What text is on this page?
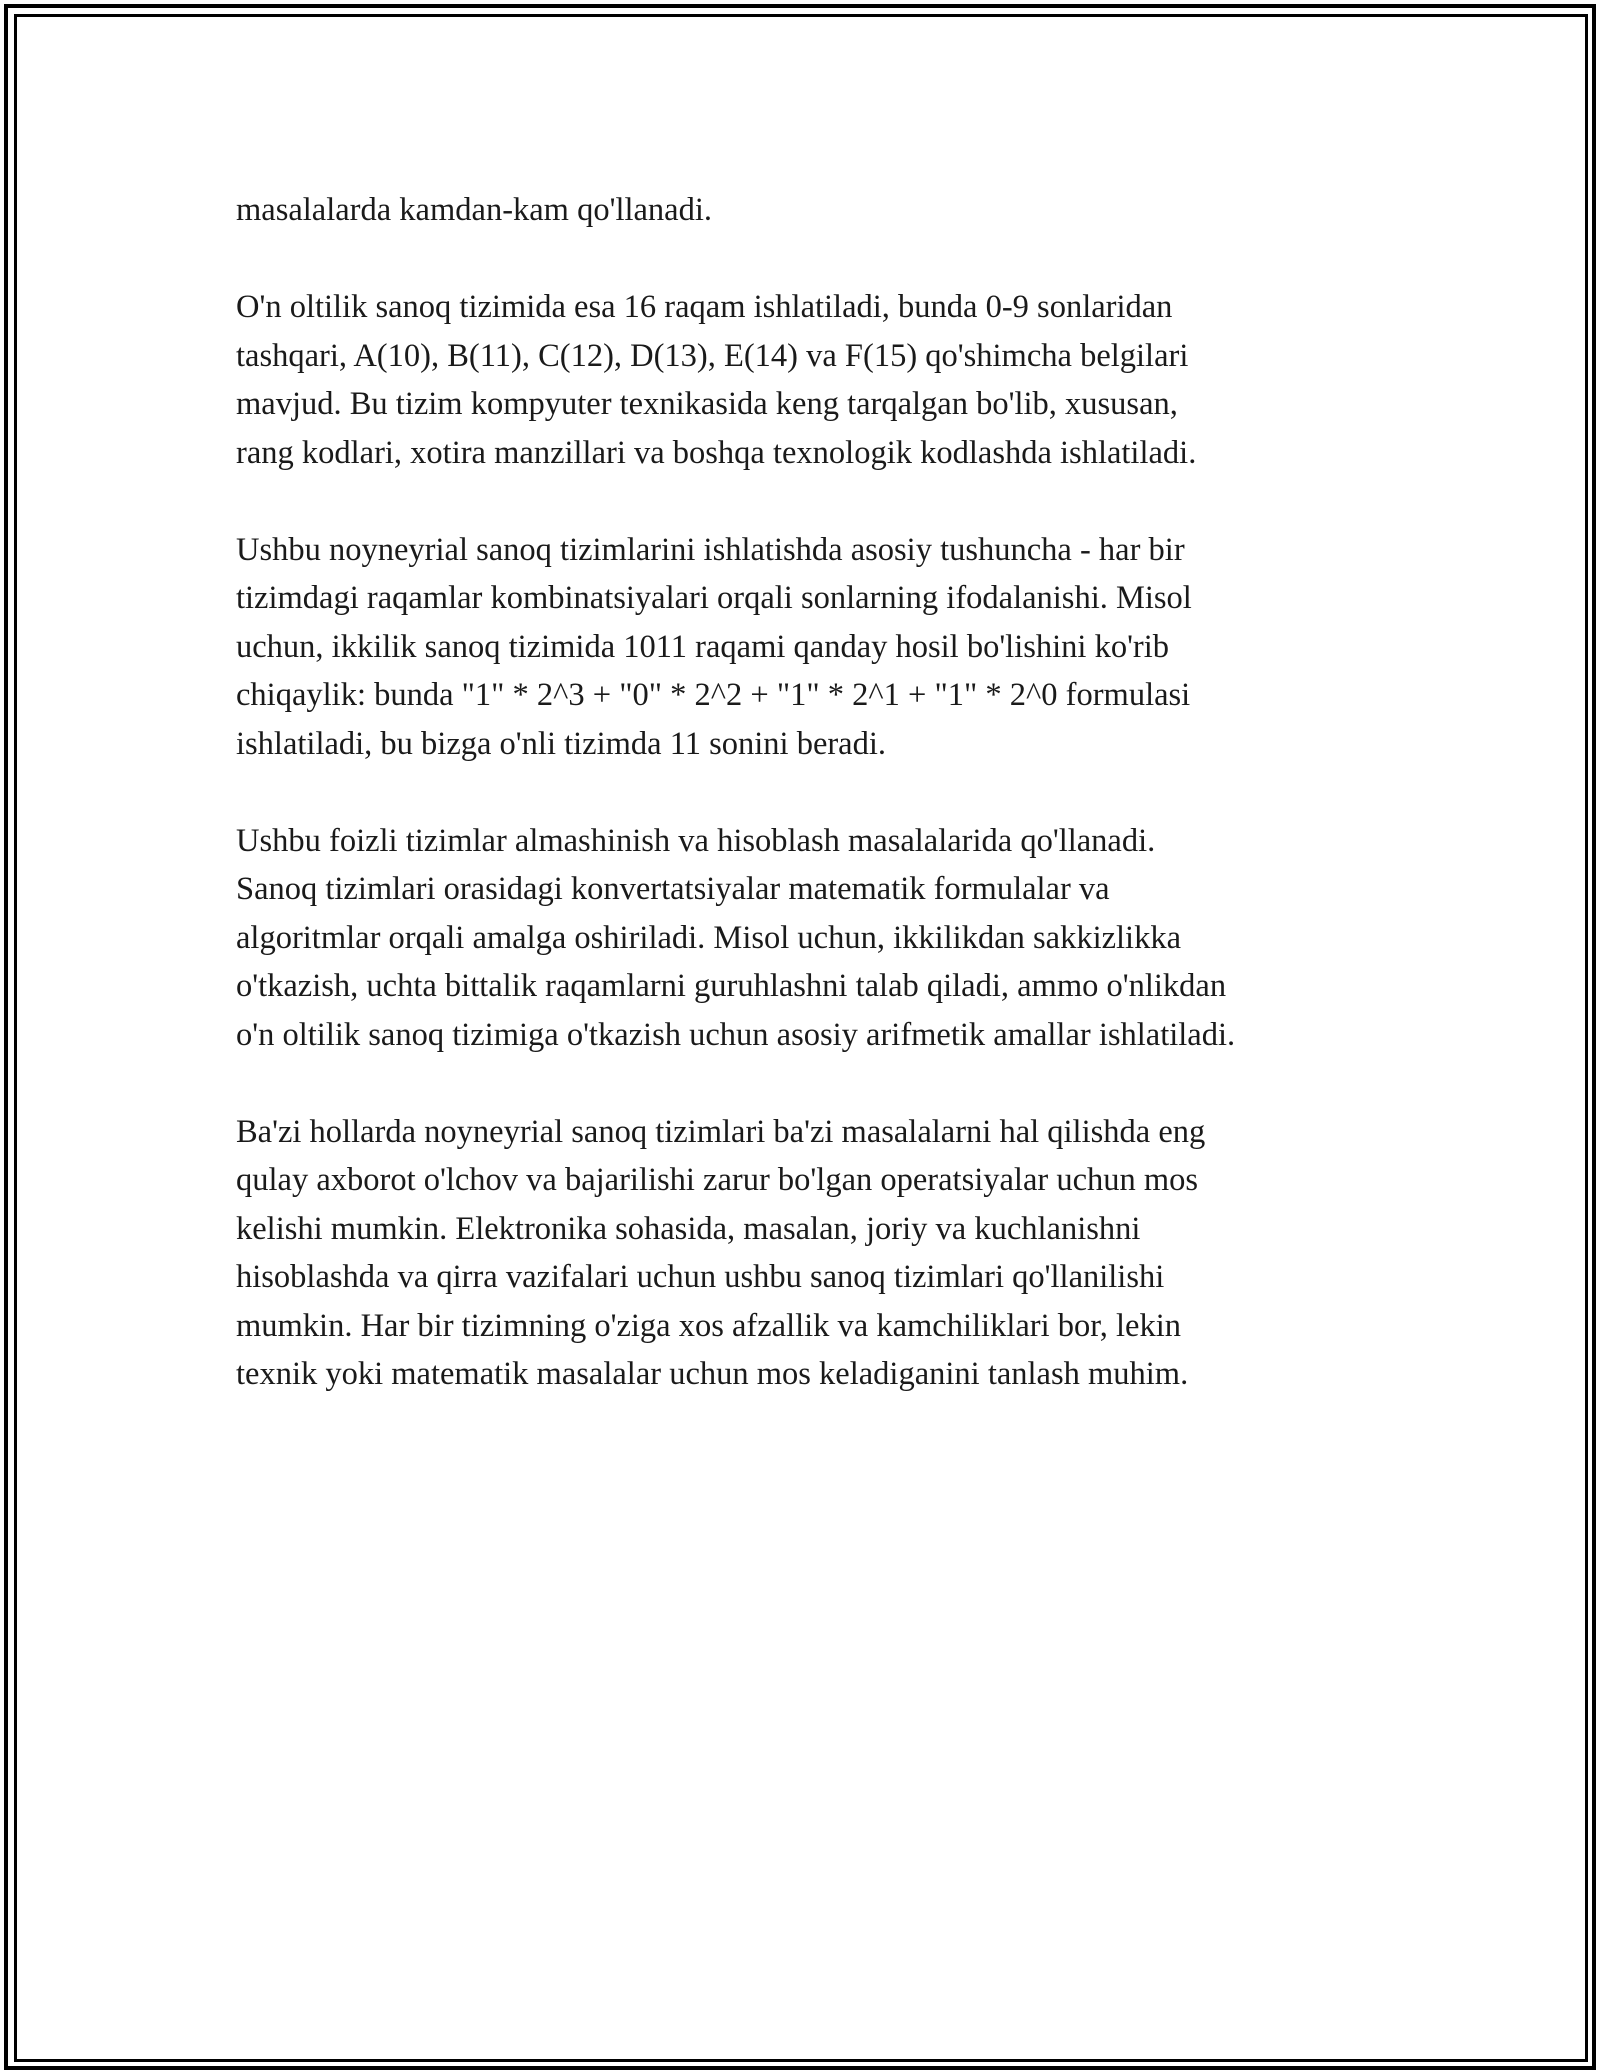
masalalarda kamdan-kam qo'llanadi.

O'n oltilik sanoq tizimida esa 16 raqam ishlatiladi, bunda 0-9 sonlaridan
tashqari, A(10), B(11), C(12), D(13), E(14) va F(15) qo'shimcha belgilari
mavjud. Bu tizim kompyuter texnikasida keng tarqalgan bo'lib, xususan,
rang kodlari, xotira manzillari va boshqa texnologik kodlashda ishlatiladi.

Ushbu noyneyrial sanoq tizimlarini ishlatishda asosiy tushuncha - har bir
tizimdagi raqamlar kombinatsiyalari orqali sonlarning ifodalanishi. Misol
uchun, ikkilik sanoq tizimida 1011 raqami qanday hosil bo'lishini ko'rib
chiqaylik: bunda "1" * 2^3 + "0" * 2^2 + "1" * 2^1 + "1" * 2^0 formulasi
ishlatiladi, bu bizga o'nli tizimda 11 sonini beradi.

Ushbu foizli tizimlar almashinish va hisoblash masalalarida qo'llanadi.
Sanoq tizimlari orasidagi konvertatsiyalar matematik formulalar va
algoritmlar orqali amalga oshiriladi. Misol uchun, ikkilikdan sakkizlikka
o'tkazish, uchta bittalik raqamlarni guruhlashni talab qiladi, ammo o'nlikdan
o'n oltilik sanoq tizimiga o'tkazish uchun asosiy arifmetik amallar ishlatiladi.

Ba'zi hollarda noyneyrial sanoq tizimlari ba'zi masalalarni hal qilishda eng
qulay axborot o'lchov va bajarilishi zarur bo'lgan operatsiyalar uchun mos
kelishi mumkin. Elektronika sohasida, masalan, joriy va kuchlanishni
hisoblashda va qirra vazifalari uchun ushbu sanoq tizimlari qo'llanilishi
mumkin. Har bir tizimning o'ziga xos afzallik va kamchiliklari bor, lekin
texnik yoki matematik masalalar uchun mos keladiganini tanlash muhim.
